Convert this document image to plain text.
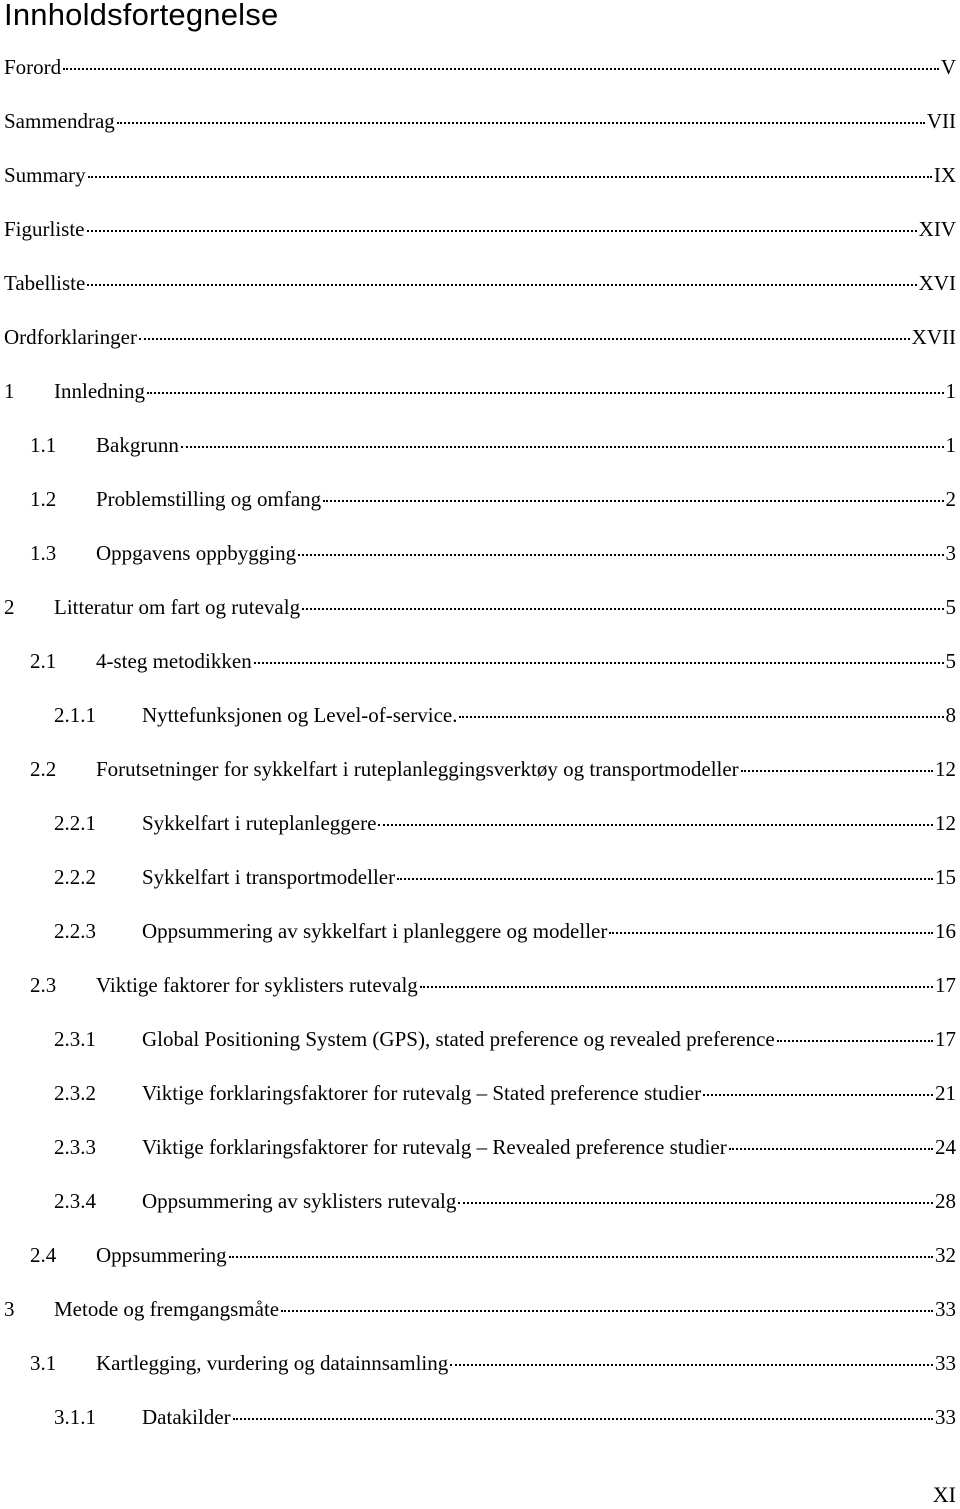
Innholdsfortegnelse
Forord	V
Sammendrag	VII
Summary	IX
Figurliste	XIV
Tabelliste	XVI
Ordforklaringer	XVII
1	Innledning	1
1.1	Bakgrunn	1
1.2	Problemstilling og omfang	2
1.3	Oppgavens oppbygging	3
2	Litteratur om fart og rutevalg	5
2.1	4-steg metodikken	5
2.1.1	Nyttefunksjonen og Level-of-service.	8
2.2	Forutsetninger for sykkelfart i ruteplanleggingsverktøy og transportmodeller	12
2.2.1	Sykkelfart i ruteplanleggere	12
2.2.2	Sykkelfart i transportmodeller	15
2.2.3	Oppsummering av sykkelfart i planleggere og modeller	16
2.3	Viktige faktorer for syklisters rutevalg	17
2.3.1	Global Positioning System (GPS), stated preference og revealed preference	17
2.3.2	Viktige forklaringsfaktorer for rutevalg – Stated preference studier	21
2.3.3	Viktige forklaringsfaktorer for rutevalg – Revealed preference studier	24
2.3.4	Oppsummering av syklisters rutevalg	28
2.4	Oppsummering	32
3	Metode og fremgangsmåte	33
3.1	Kartlegging, vurdering og datainnsamling	33
3.1.1	Datakilder	33
XI
